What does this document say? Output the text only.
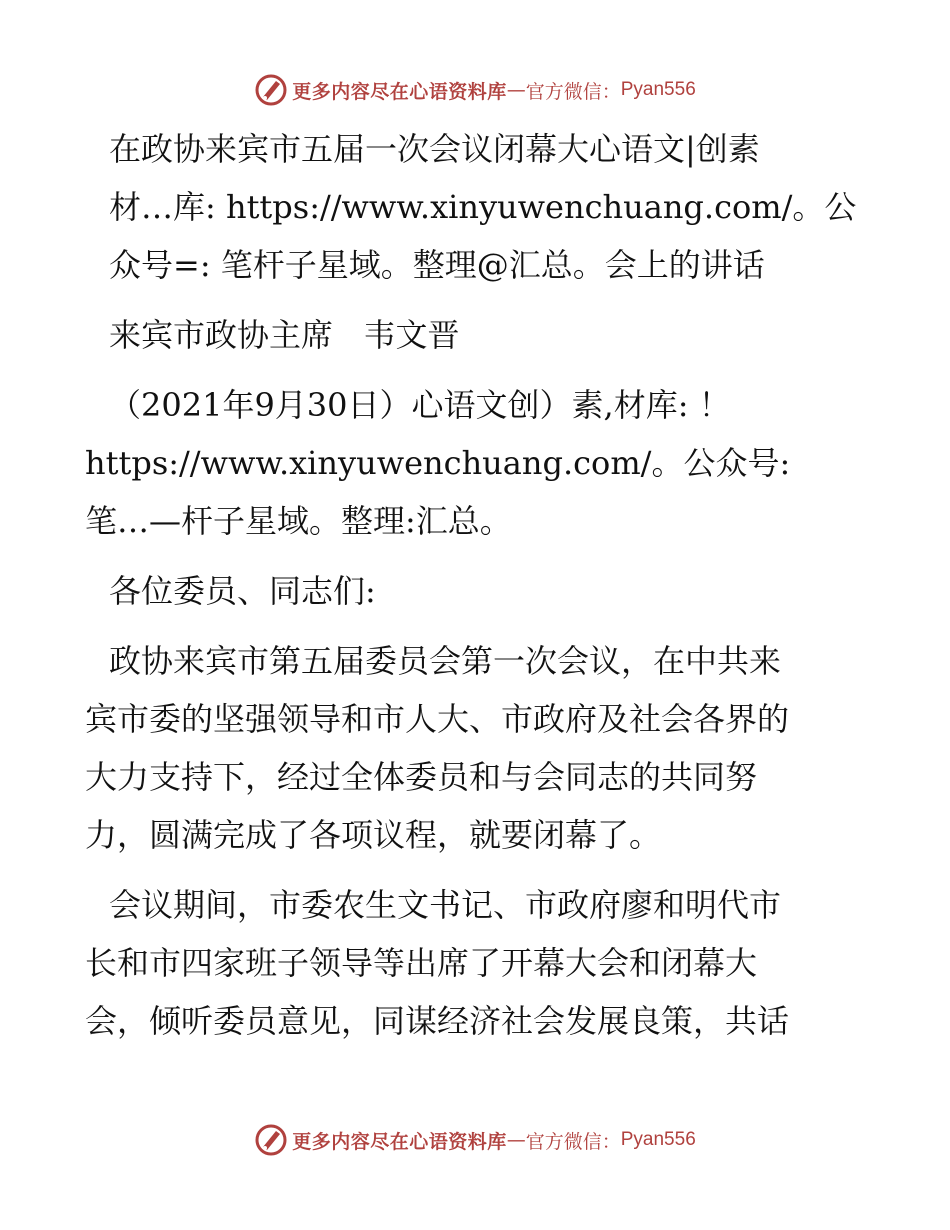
更多内容尽在心语资料库 — 官方微信： Pyan556
在政协来宾市五届一次会议闭幕大心语文|创素
材…库: https://www.xinyuwenchuang.com/。公
众号=: 笔杆子星域。整理@汇总。会上的讲话
来宾市政协主席   韦文晋
（2021年9月30日）心语文创）素,材库: ！
https://www.xinyuwenchuang.com/。公众号:
笔…—杆子星域。整理:汇总。
各位委员、同志们:
政协来宾市第五届委员会第一次会议，在中共来
宾市委的坚强领导和市人大、市政府及社会各界的
大力支持下，经过全体委员和与会同志的共同努
力，圆满完成了各项议程，就要闭幕了。
会议期间，市委农生文书记、市政府廖和明代市
长和市四家班子领导等出席了开幕大会和闭幕大
会，倾听委员意见，同谋经济社会发展良策，共话
更多内容尽在心语资料库 — 官方微信： Pyan556
